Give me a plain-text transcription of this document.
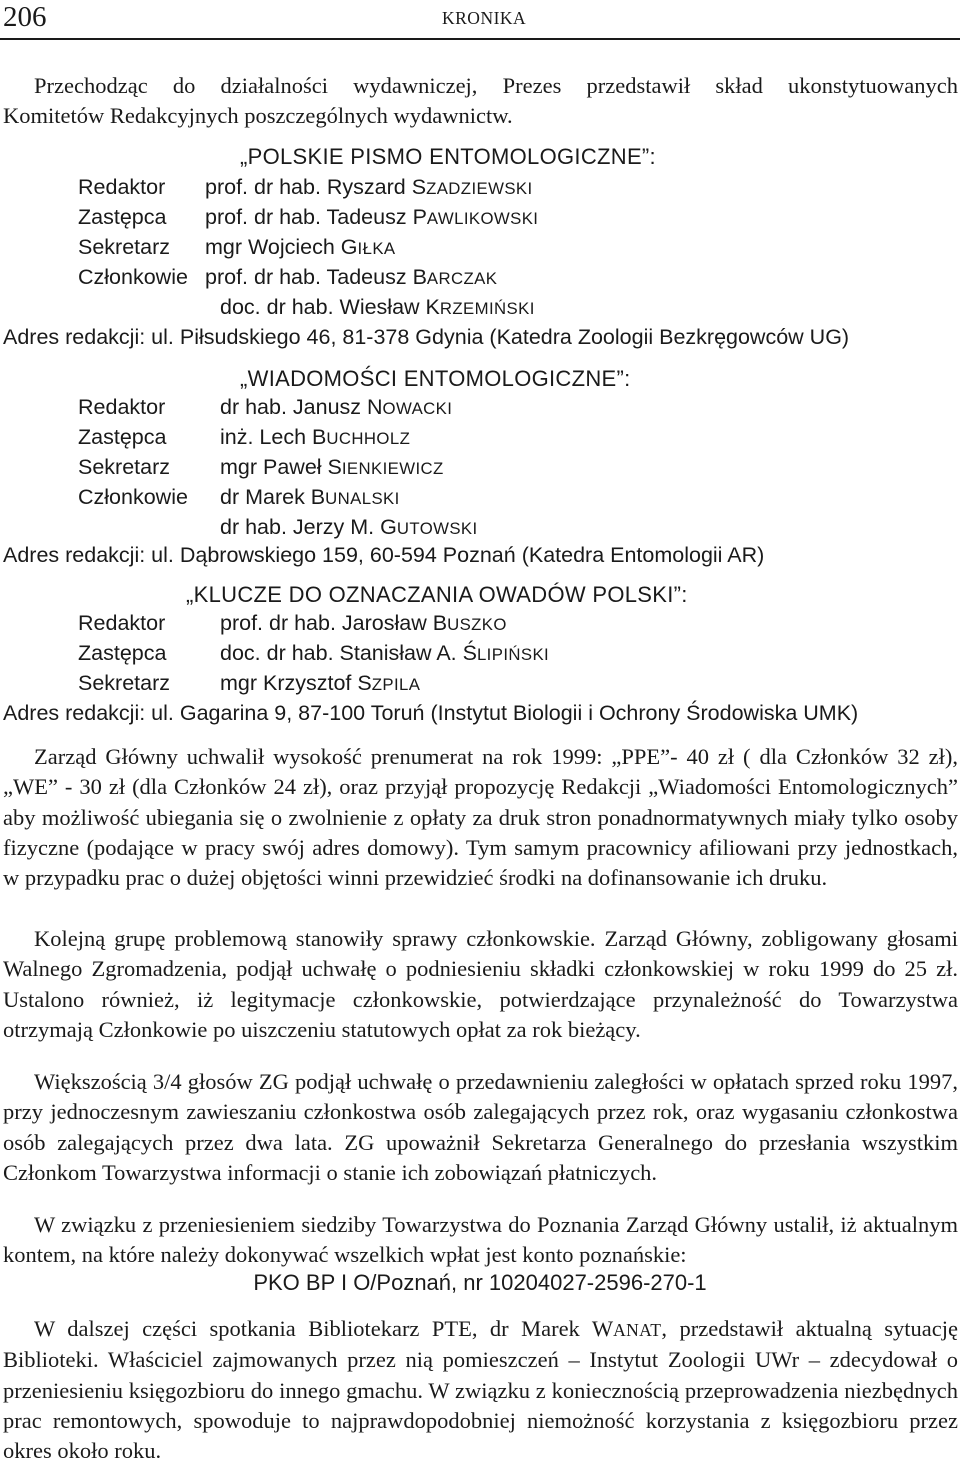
206	KRONIKA
Przechodząc do działalności wydawniczej, Prezes przedstawił skład ukonstytuowanych
Komitetów Redakcyjnych poszczególnych wydawnictw.
„POLSKIE PISMO ENTOMOLOGICZNE”:
Redaktor
Zastępca
Sekretarz
Członkowie
prof. dr hab. Ryszard SZADZIEWSKI
prof. dr hab. Tadeusz PAWLIKOWSKI
mgr Wojciech GIŁKA
prof. dr hab. Tadeusz BARCZAK
doc. dr hab. Wiesław KRZEMIŃSKI
Adres redakcji: ul. Piłsudskiego 46, 81-378 Gdynia (Katedra Zoologii Bezkręgowców UG)
„WIADOMOŚCI ENTOMOLOGICZNE”:
Redaktor
Zastępca
Sekretarz
Członkowie
dr hab. Janusz NOWACKI
inż. Lech BUCHHOLZ
mgr Paweł SIENKIEWICZ
dr Marek BUNALSKI
dr hab. Jerzy M. GUTOWSKI
Adres redakcji: ul. Dąbrowskiego 159, 60-594 Poznań (Katedra Entomologii AR)
„KLUCZE DO OZNACZANIA OWADÓW POLSKI”:
Redaktor
Zastępca
Sekretarz
prof. dr hab. Jarosław BUSZKO
doc. dr hab. Stanisław A. ŚLIPIŃSKI
mgr Krzysztof SZPILA
Adres redakcji: ul. Gagarina 9, 87-100 Toruń (Instytut Biologii i Ochrony Środowiska UMK)
Zarząd Główny uchwalił wysokość prenumerat na rok 1999: „PPE”- 40 zł ( dla Członków 32 zł), „WE” - 30 zł (dla Członków 24 zł), oraz przyjął propozycję Redakcji „Wiadomości Entomologicznych” aby możliwość ubiegania się o zwolnienie z opłaty za druk stron ponadnormatywnych miały tylko osoby fizyczne (podające w pracy swój adres domowy). Tym samym pracownicy afiliowani przy jednostkach, w przypadku prac o dużej objętości winni przewidzieć środki na dofinansowanie ich druku.
Kolejną grupę problemową stanowiły sprawy członkowskie. Zarząd Główny, zobligowany głosami Walnego Zgromadzenia, podjął uchwałę o podniesieniu składki członkowskiej w roku 1999 do 25 zł. Ustalono również, iż legitymacje członkowskie, potwierdzające przynależność do Towarzystwa otrzymają Członkowie po uiszczeniu statutowych opłat za rok bieżący.
Większością 3/4 głosów ZG podjął uchwałę o przedawnieniu zaległości w opłatach sprzed roku 1997, przy jednoczesnym zawieszaniu członkostwa osób zalegających przez rok, oraz wygasaniu członkostwa osób zalegających przez dwa lata. ZG upoważnił Sekretarza Generalnego do przesłania wszystkim Członkom Towarzystwa informacji o stanie ich zobowiązań płatniczych.
W związku z przeniesieniem siedziby Towarzystwa do Poznania Zarząd Główny ustalił, iż aktualnym kontem, na które należy dokonywać wszelkich wpłat jest konto poznańskie:
PKO BP I O/Poznań, nr 10204027-2596-270-1
W dalszej części spotkania Bibliotekarz PTE, dr Marek WANAT, przedstawił aktualną sytuację Biblioteki. Właściciel zajmowanych przez nią pomieszczeń – Instytut Zoologii UWr – zdecydował o przeniesieniu księgozbioru do innego gmachu. W związku z koniecznością przeprowadzenia niezbędnych prac remontowych, spowoduje to najprawdopodobniej niemożność korzystania z księgozbioru przez okres około roku.
